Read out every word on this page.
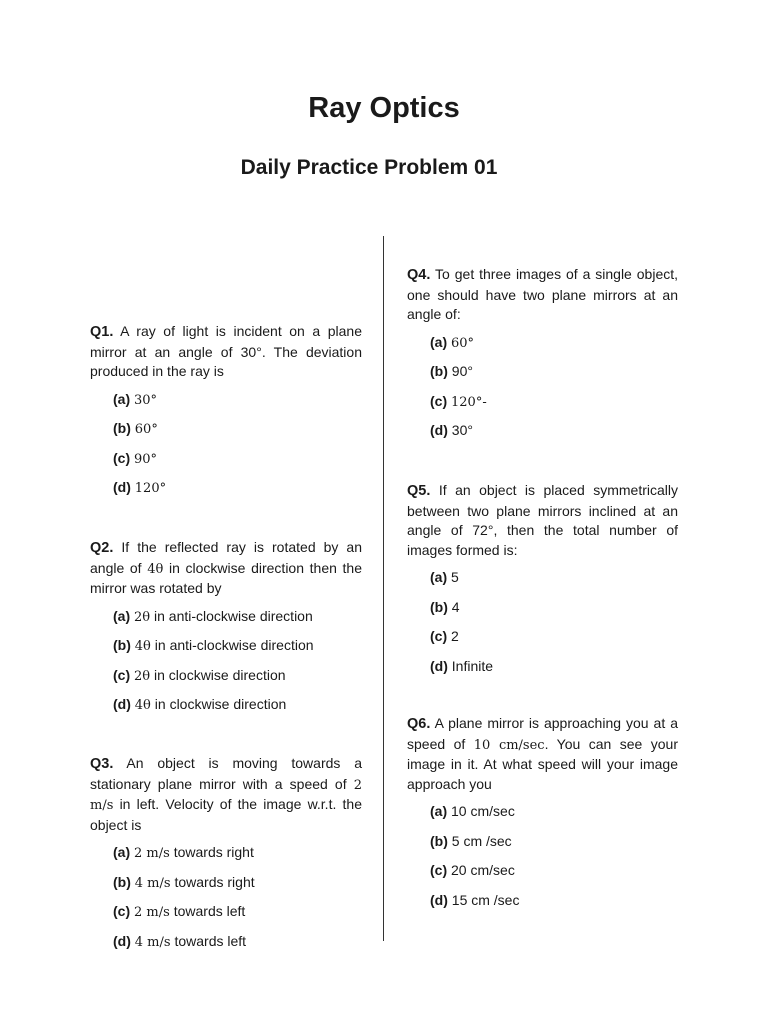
Ray Optics
Daily Practice Problem 01

Q1. A ray of light is incident on a plane mirror at an angle of 30°. The deviation produced in the ray is

(a) 30°

(b) 60°

(c) 90°

(d) 120°

Q2. If the reflected ray is rotated by an angle of 4θ in clockwise direction then the mirror was rotated by

(a) 2θ in anti-clockwise direction

(b) 4θ in anti-clockwise direction

(c) 2θ in clockwise direction

(d) 4θ in clockwise direction

Q3. An object is moving towards a stationary plane mirror with a speed of 2 m/s in left. Velocity of the image w.r.t. the object is

(a) 2 m/s towards right

(b) 4 m/s towards right

(c) 2 m/s towards left

(d) 4 m/s towards left

Q4. To get three images of a single object, one should have two plane mirrors at an angle of:

(a) 60°

(b) 90°

(c) 120°-

(d) 30°

Q5. If an object is placed symmetrically between two plane mirrors inclined at an angle of 72°, then the total number of images formed is:

(a) 5

(b) 4

(c) 2

(d) Infinite

Q6. A plane mirror is approaching you at a speed of 10 cm/sec. You can see your image in it. At what speed will your image approach you

(a) 10 cm/sec

(b) 5 cm /sec

(c) 20 cm/sec

(d) 15 cm /sec
